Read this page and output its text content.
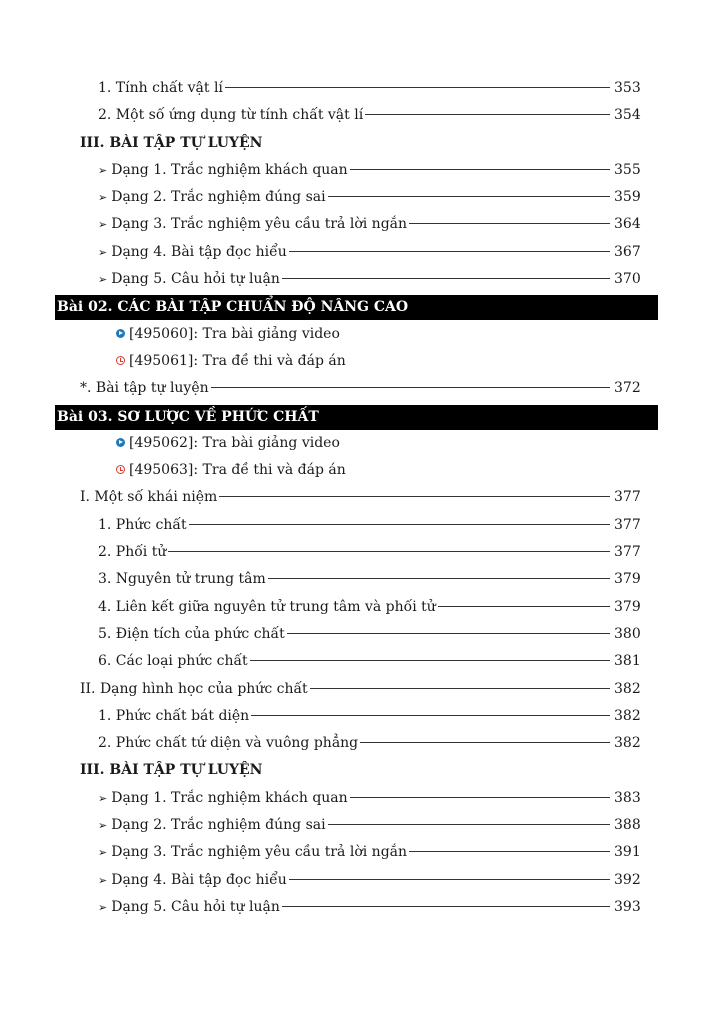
1. Tính chất vật lí	353
2. Một số ứng dụng từ tính chất vật lí	354
III. BÀI TẬP TỰ LUYỆN
➢ Dạng 1. Trắc nghiệm khách quan	355
➢ Dạng 2. Trắc nghiệm đúng sai	359
➢ Dạng 3. Trắc nghiệm yêu cầu trả lời ngắn	364
➢ Dạng 4. Bài tập đọc hiểu	367
➢ Dạng 5. Câu hỏi tự luận	370
Bài 02. CÁC BÀI TẬP CHUẨN ĐỘ NÂNG CAO
[495060]: Tra bài giảng video
[495061]: Tra đề thi và đáp án
*. Bài tập tự luyện	372
Bài 03. SƠ LƯỢC VỀ PHỨC CHẤT
[495062]: Tra bài giảng video
[495063]: Tra đề thi và đáp án
I. Một số khái niệm	377
1. Phức chất	377
2. Phối tử	377
3. Nguyên tử trung tâm	379
4. Liên kết giữa nguyên tử trung tâm và phối tử	379
5. Điện tích của phức chất	380
6. Các loại phức chất	381
II. Dạng hình học của phức chất	382
1. Phức chất bát diện	382
2. Phức chất tứ diện và vuông phẳng	382
III. BÀI TẬP TỰ LUYỆN
➢ Dạng 1. Trắc nghiệm khách quan	383
➢ Dạng 2. Trắc nghiệm đúng sai	388
➢ Dạng 3. Trắc nghiệm yêu cầu trả lời ngắn	391
➢ Dạng 4. Bài tập đọc hiểu	392
➢ Dạng 5. Câu hỏi tự luận	393
